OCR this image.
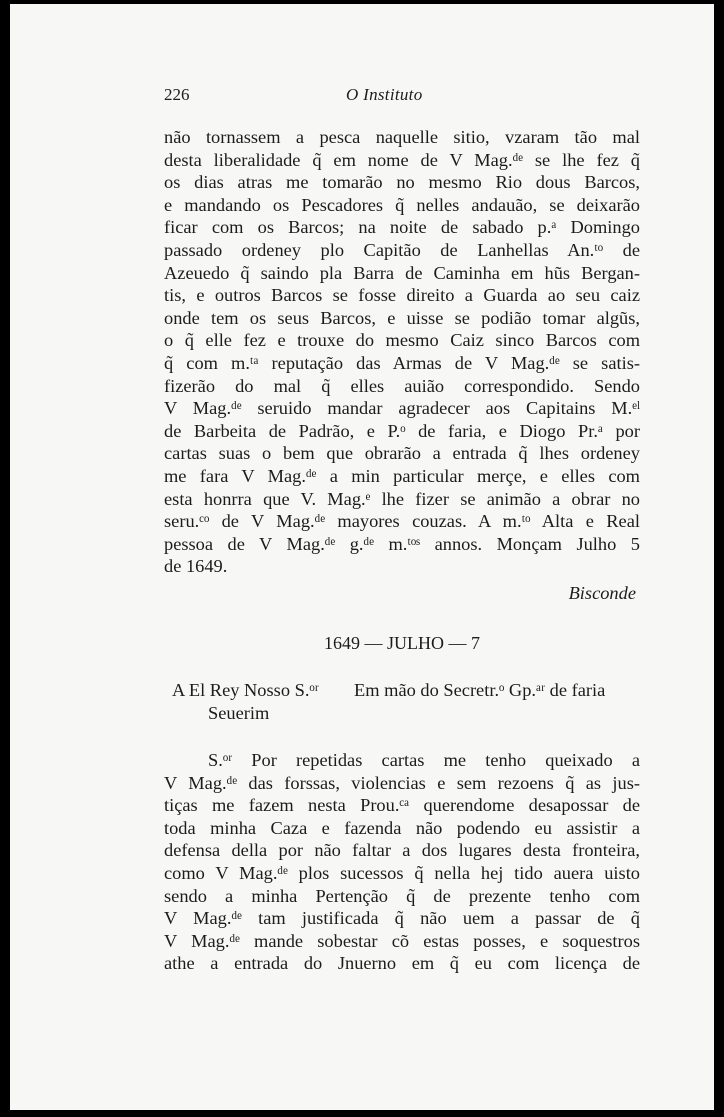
226	O Instituto
não tornassem a pesca naquelle sitio, vzaram tão mal
desta liberalidade q̃ em nome de V Mag.ᵈᵉ se lhe fez q̃
os dias atras me tomarão no mesmo Rio dous Barcos,
e mandando os Pescadores q̃ nelles andauão, se deixarão
ficar com os Barcos; na noite de sabado p.ᵃ Domingo
passado ordeney plo Capitão de Lanhellas An.ᵗᵒ de
Azeuedo q̃ saindo pla Barra de Caminha em hũs Bergan-
tis, e outros Barcos se fosse direito a Guarda ao seu caiz
onde tem os seus Barcos, e uisse se podião tomar algũs,
o q̃ elle fez e trouxe do mesmo Caiz sinco Barcos com
q̃ com m.ᵗᵃ reputação das Armas de V Mag.ᵈᵉ se satis-
fizerão do mal q̃ elles auião correspondido. Sendo
V Mag.ᵈᵉ seruido mandar agradecer aos Capitains M.ᵉˡ
de Barbeita de Padrão, e P.ᵒ de faria, e Diogo Pr.ᵃ por
cartas suas o bem que obrarão a entrada q̃ lhes ordeney
me fara V Mag.ᵈᵉ a min particular merçe, e elles com
esta honrra que V. Mag.ᵉ lhe fizer se animão a obrar no
seru.ᶜᵒ de V Mag.ᵈᵉ mayores couzas. A m.ᵗᵒ Alta e Real
pessoa de V Mag.ᵈᵉ g.ᵈᵉ m.ᵗᵒˢ annos. Monçam Julho 5
de 1649.
Bisconde
1649 — JULHO — 7
A El Rey Nosso S.ᵒʳ
Seuerim
Em mão do Secretr.ᵒ Gp.ᵃʳ de faria
S.ᵒʳ Por repetidas cartas me tenho queixado a
V Mag.ᵈᵉ das forssas, violencias e sem rezoens q̃ as jus-
tiças me fazem nesta Prou.ᶜᵃ querendome desapossar de
toda minha Caza e fazenda não podendo eu assistir a
defensa della por não faltar a dos lugares desta fronteira,
como V Mag.ᵈᵉ plos sucessos q̃ nella hej tido auera uisto
sendo a minha Pertenção q̃ de prezente tenho com
V Mag.ᵈᵉ tam justificada q̃ não uem a passar de q̃
V Mag.ᵈᵉ mande sobestar cõ estas posses, e soquestros
athe a entrada do Jnuerno em q̃ eu com licença de
